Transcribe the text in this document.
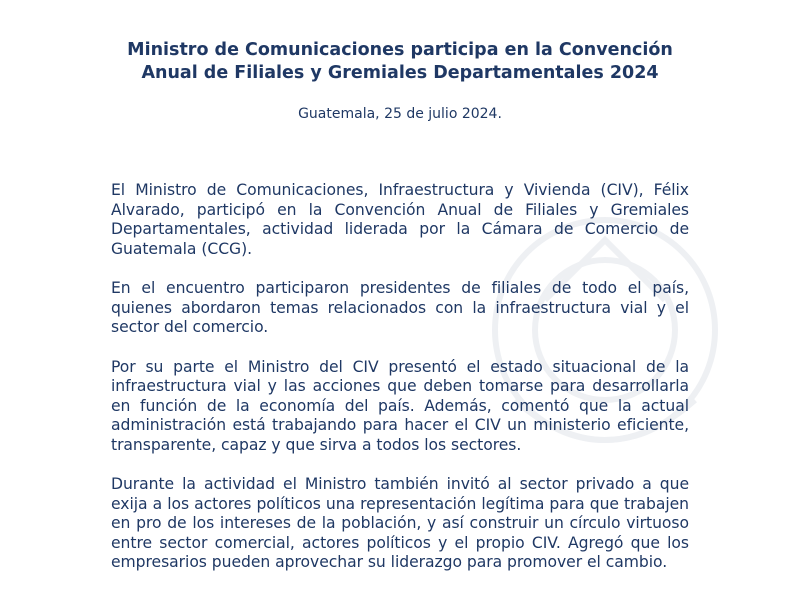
Ministro de Comunicaciones participa en la Convención
Anual de Filiales y Gremiales Departamentales 2024

Guatemala, 25 de julio 2024.

El Ministro de Comunicaciones, Infraestructura y Vivienda (CIV), Félix Alvarado, participó en la Convención Anual de Filiales y Gremiales Departamentales, actividad liderada por la Cámara de Comercio de Guatemala (CCG).

En el encuentro participaron presidentes de filiales de todo el país, quienes abordaron temas relacionados con la infraestructura vial y el sector del comercio.

Por su parte el Ministro del CIV presentó el estado situacional de la infraestructura vial y las acciones que deben tomarse para desarrollarla en función de la economía del país. Además, comentó que la actual administración está trabajando para hacer el CIV un ministerio eficiente, transparente, capaz y que sirva a todos los sectores.

Durante la actividad el Ministro también invitó al sector privado a que exija a los actores políticos una representación legítima para que trabajen en pro de los intereses de la población, y así construir un círculo virtuoso entre sector comercial, actores políticos y el propio CIV. Agregó que los empresarios pueden aprovechar su liderazgo para promover el cambio.
